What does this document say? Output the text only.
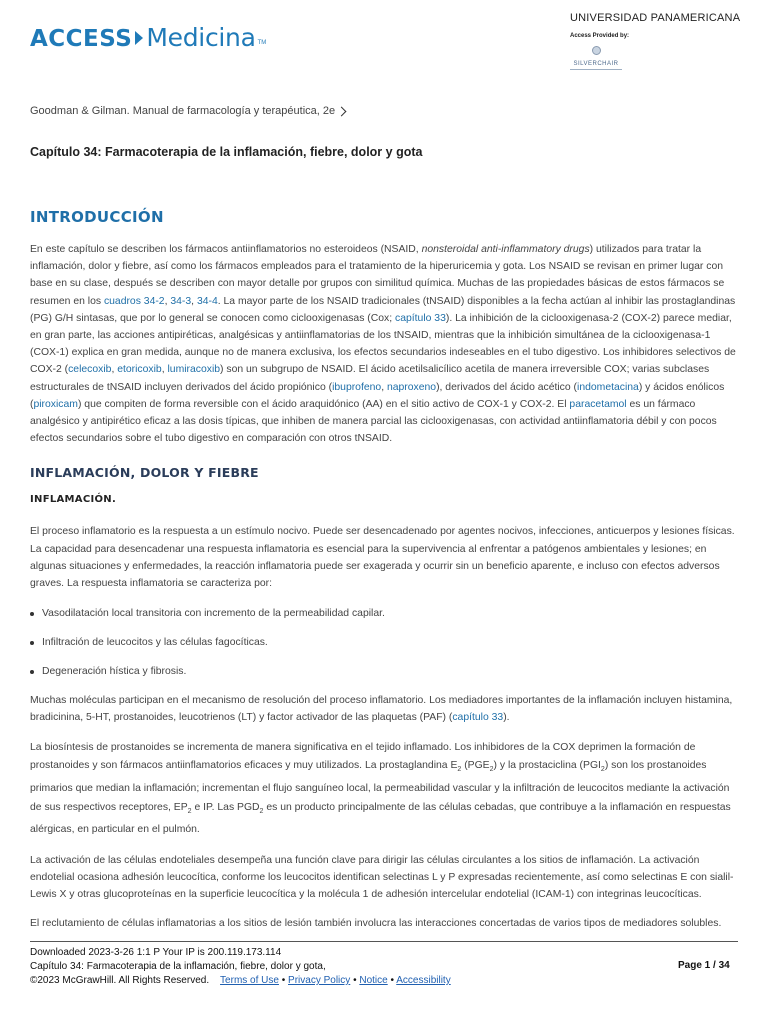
ACCESS Medicina TM
UNIVERSIDAD PANAMERICANA
Access Provided by:
SILVERCHAIR
Goodman & Gilman. Manual de farmacología y terapéutica, 2e
Capítulo 34: Farmacoterapia de la inflamación, fiebre, dolor y gota
INTRODUCCIÓN

En este capítulo se describen los fármacos antiinflamatorios no esteroideos (NSAID, nonsteroidal anti-inflammatory drugs) utilizados para tratar la inflamación, dolor y fiebre, así como los fármacos empleados para el tratamiento de la hiperuricemia y gota. Los NSAID se revisan en primer lugar con base en su clase, después se describen con mayor detalle por grupos con similitud química. Muchas de las propiedades básicas de estos fármacos se resumen en los cuadros 34-2, 34-3, 34-4. La mayor parte de los NSAID tradicionales (tNSAID) disponibles a la fecha actúan al inhibir las prostaglandinas (PG) G/H sintasas, que por lo general se conocen como ciclooxigenasas (Cox; capítulo 33). La inhibición de la ciclooxigenasa-2 (COX-2) parece mediar, en gran parte, las acciones antipiréticas, analgésicas y antiinflamatorias de los tNSAID, mientras que la inhibición simultánea de la ciclooxigenasa-1 (COX-1) explica en gran medida, aunque no de manera exclusiva, los efectos secundarios indeseables en el tubo digestivo. Los inhibidores selectivos de COX-2 (celecoxib, etoricoxib, lumiracoxib) son un subgrupo de NSAID. El ácido acetilsalicílico acetila de manera irreversible COX; varias subclases estructurales de tNSAID incluyen derivados del ácido propiónico (ibuprofeno, naproxeno), derivados del ácido acético (indometacina) y ácidos enólicos (piroxicam) que compiten de forma reversible con el ácido araquidónico (AA) en el sitio activo de COX-1 y COX-2. El paracetamol es un fármaco analgésico y antipirético eficaz a las dosis típicas, que inhiben de manera parcial las ciclooxigenasas, con actividad antiinflamatoria débil y con pocos efectos secundarios sobre el tubo digestivo en comparación con otros tNSAID.

INFLAMACIÓN, DOLOR Y FIEBRE
INFLAMACIÓN.

El proceso inflamatorio es la respuesta a un estímulo nocivo. Puede ser desencadenado por agentes nocivos, infecciones, anticuerpos y lesiones físicas. La capacidad para desencadenar una respuesta inflamatoria es esencial para la supervivencia al enfrentar a patógenos ambientales y lesiones; en algunas situaciones y enfermedades, la reacción inflamatoria puede ser exagerada y ocurrir sin un beneficio aparente, e incluso con efectos adversos graves. La respuesta inflamatoria se caracteriza por:

Vasodilatación local transitoria con incremento de la permeabilidad capilar.
Infiltración de leucocitos y las células fagocíticas.
Degeneración hística y fibrosis.

Muchas moléculas participan en el mecanismo de resolución del proceso inflamatorio. Los mediadores importantes de la inflamación incluyen histamina, bradicinina, 5-HT, prostanoides, leucotrienos (LT) y factor activador de las plaquetas (PAF) (capítulo 33).

La biosíntesis de prostanoides se incrementa de manera significativa en el tejido inflamado. Los inhibidores de la COX deprimen la formación de prostanoides y son fármacos antiinflamatorios eficaces y muy utilizados. La prostaglandina $E_2$ $(PGE_2)$ y la prostaciclina $(PGI_2)$ son los prostanoides primarios que median la inflamación; incrementan el flujo sanguíneo local, la permeabilidad vascular y la infiltración de leucocitos mediante la activación de sus respectivos receptores, $EP_2$ e IP. Las $PGD_2$ es un producto principalmente de las células cebadas, que contribuye a la inflamación en respuestas alérgicas, en particular en el pulmón.

La activación de las células endoteliales desempeña una función clave para dirigir las células circulantes a los sitios de inflamación. La activación endotelial ocasiona adhesión leucocítica, conforme los leucocitos identifican selectinas L y P expresadas recientemente, así como selectinas E con sialil-Lewis X y otras glucoproteínas en la superficie leucocítica y la molécula 1 de adhesión intercelular endotelial (ICAM-1) con integrinas leucocíticas.

El reclutamiento de células inflamatorias a los sitios de lesión también involucra las interacciones concertadas de varios tipos de mediadores solubles.

Downloaded 2023-3-26 1:1 P Your IP is 200.119.173.114
Capítulo 34: Farmacoterapia de la inflamación, fiebre, dolor y gota,
©2023 McGrawHill. All Rights Reserved. Terms of Use • Privacy Policy • Notice • Accessibility
Page 1 / 34
